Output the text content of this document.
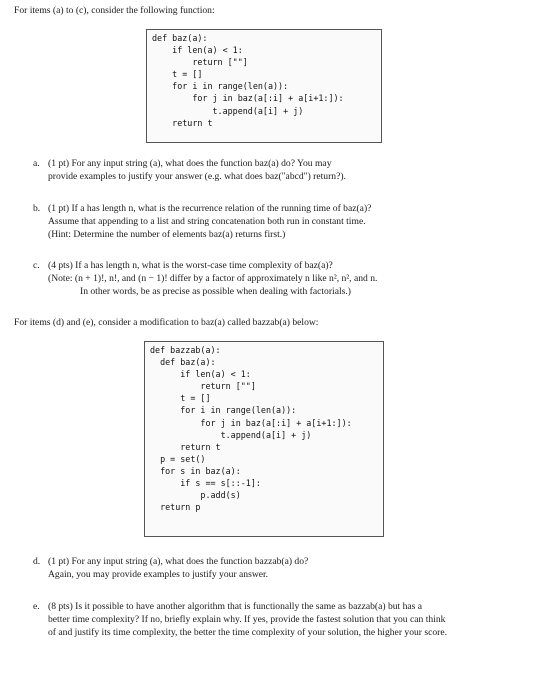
For items (a) to (c), consider the following function:
def baz(a):
if len(a) < 1:
return [""]
t = []
for i in range(len(a)):
for j in baz(a[:i] + a[i+1:]):
t.append(a[i] + j)
return t
a. (1 pt) For any input string (a), what does the function baz(a) do? You may
provide examples to justify your answer (e.g. what does baz("abcd") return?).
b. (1 pt) If a has length n, what is the recurrence relation of the running time of baz(a)?
Assume that appending to a list and string concatenation both run in constant time.
(Hint: Determine the number of elements baz(a) returns first.)
c. (4 pts) If a has length n, what is the worst-case time complexity of baz(a)?
(Note: (n + 1)!, n!, and (n − 1)! differ by a factor of approximately n like n², n², and n.
In other words, be as precise as possible when dealing with factorials.)
For items (d) and (e), consider a modification to baz(a) called bazzab(a) below:
def bazzab(a):
def baz(a):
if len(a) < 1:
return [""]
t = []
for i in range(len(a)):
for j in baz(a[:i] + a[i+1:]):
t.append(a[i] + j)
return t
p = set()
for s in baz(a):
if s == s[::-1]:
p.add(s)
return p
d. (1 pt) For any input string (a), what does the function bazzab(a) do?
Again, you may provide examples to justify your answer.
e. (8 pts) Is it possible to have another algorithm that is functionally the same as bazzab(a) but has a
better time complexity? If no, briefly explain why. If yes, provide the fastest solution that you can think
of and justify its time complexity, the better the time complexity of your solution, the higher your score.
